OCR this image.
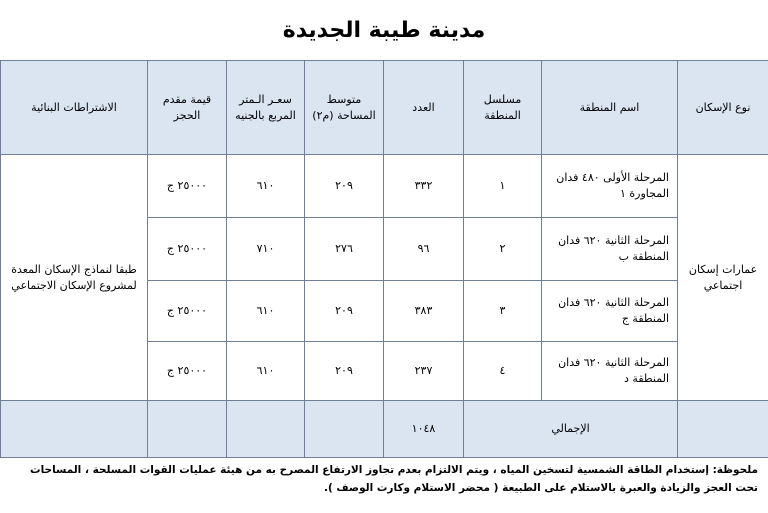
مدينة طيبة الجديدة
نوع الإسكان	اسم المنطقة	مسلسل المنطقة	العدد	متوسط المساحة (م٢)	سعـر الـمتر المربع بالجنيه	قيمة مقدم الحجز	الاشتراطات البنائية
عمارات إسكان اجتماعي	المرحلة الأولى ٤٨٠ فدان المجاورة ١	١	٣٣٢	٢٠٩	٦١٠	٢٥٠٠٠ ج	طبقا لنماذج الإسكان المعدة لمشروع الإسكان الاجتماعي
	المرحلة الثانية ٦٢٠ فدان المنطقة ب	٢	٩٦	٢٧٦	٧١٠	٢٥٠٠٠ ج	
	المرحلة الثانية ٦٢٠ فدان المنطقة ج	٣	٣٨٣	٢٠٩	٦١٠	٢٥٠٠٠ ج	
	المرحلة الثانية ٦٢٠ فدان المنطقة د	٤	٢٣٧	٢٠٩	٦١٠	٢٥٠٠٠ ج	
	الإجمالي		١٠٤٨				
ملحوظة: إستخدام الطاقة الشمسية لتسخين المياه ، ويتم الالتزام بعدم تجاوز الارتفاع المصرح به من هيئة عمليات القوات المسلحة ، المساحات تحت العجز والزيادة والعبرة بالاستلام على الطبيعة ( محضر الاستلام وكارت الوصف ).
